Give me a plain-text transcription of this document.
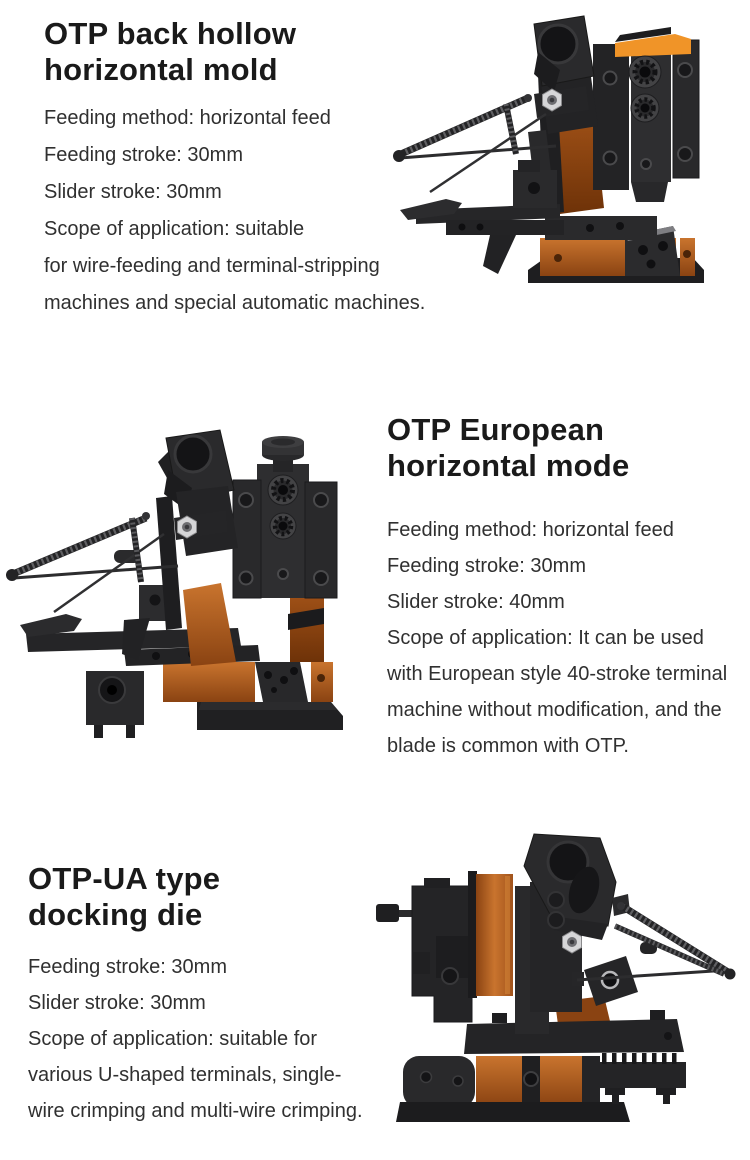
OTP back hollow
horizontal mold
Feeding method: horizontal feed
Feeding stroke: 30mm
Slider stroke: 30mm
Scope of application: suitable
for wire-feeding and terminal-stripping
machines and special automatic machines.
OTP European
horizontal mode
Feeding method: horizontal feed
Feeding stroke: 30mm
Slider stroke: 40mm
Scope of application: It can be used
with European style 40-stroke terminal
machine without modification, and the
blade is common with OTP.
OTP-UA type
docking die
Feeding stroke: 30mm
Slider stroke: 30mm
Scope of application: suitable for
various U-shaped terminals, single-
wire crimping and multi-wire crimping.
